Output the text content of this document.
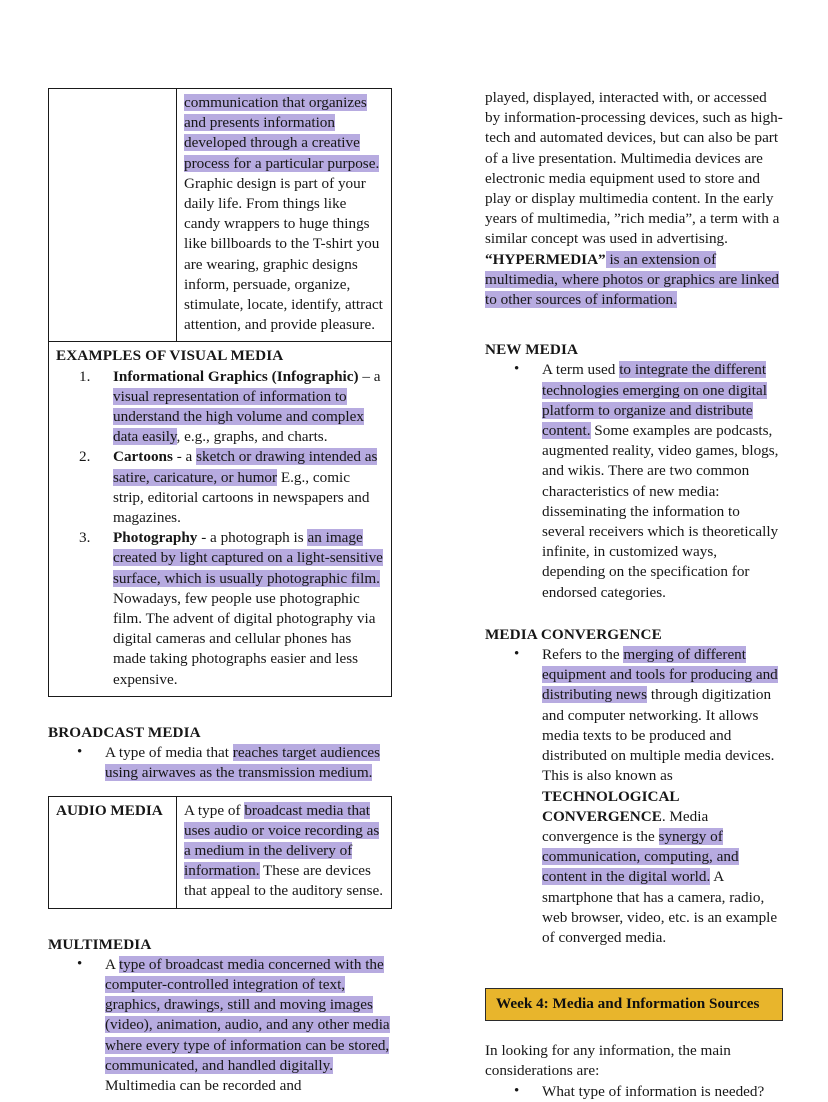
	communication that organizes and presents information developed through a creative process for a particular purpose. Graphic design is part of your daily life. From things like candy wrappers to huge things like billboards to the T-shirt you are wearing, graphic designs inform, persuade, organize, stimulate, locate, identify, attract attention, and provide pleasure.

EXAMPLES OF VISUAL MEDIA
Informational Graphics (Infographic) – a visual representation of information to understand the high volume and complex data easily, e.g., graphs, and charts.
Cartoons - a sketch or drawing intended as satire, caricature, or humor E.g., comic strip, editorial cartoons in newspapers and magazines.
Photography - a photograph is an image created by light captured on a light-sensitive surface, which is usually photographic film. Nowadays, few people use photographic film. The advent of digital photography via digital cameras and cellular phones has made taking photographs easier and less expensive.
BROADCAST MEDIA
• A type of media that reaches target audiences using airwaves as the transmission medium.
AUDIO MEDIA	A type of broadcast media that uses audio or voice recording as a medium in the delivery of information. These are devices that appeal to the auditory sense.
MULTIMEDIA
• A type of broadcast media concerned with the computer-controlled integration of text, graphics, drawings, still and moving images (video), animation, audio, and any other media where every type of information can be stored, communicated, and handled digitally. Multimedia can be recorded and

played, displayed, interacted with, or accessed by information-processing devices, such as high-tech and automated devices, but can also be part of a live presentation. Multimedia devices are electronic media equipment used to store and play or display multimedia content. In the early years of multimedia, ”rich media”, a term with a similar concept was used in advertising. “HYPERMEDIA” is an extension of multimedia, where photos or graphics are linked to other sources of information.

NEW MEDIA
• A term used to integrate the different technologies emerging on one digital platform to organize and distribute content. Some examples are podcasts, augmented reality, video games, blogs, and wikis. There are two common characteristics of new media: disseminating the information to several receivers which is theoretically infinite, in customized ways, depending on the specification for endorsed categories.
MEDIA CONVERGENCE
• Refers to the merging of different equipment and tools for producing and distributing news through digitization and computer networking. It allows media texts to be produced and distributed on multiple media devices. This is also known as TECHNOLOGICAL CONVERGENCE. Media convergence is the synergy of communication, computing, and content in the digital world. A smartphone that has a camera, radio, web browser, video, etc. is an example of converged media.
Week 4: Media and Information Sources

In looking for any information, the main considerations are:

• What type of information is needed?
